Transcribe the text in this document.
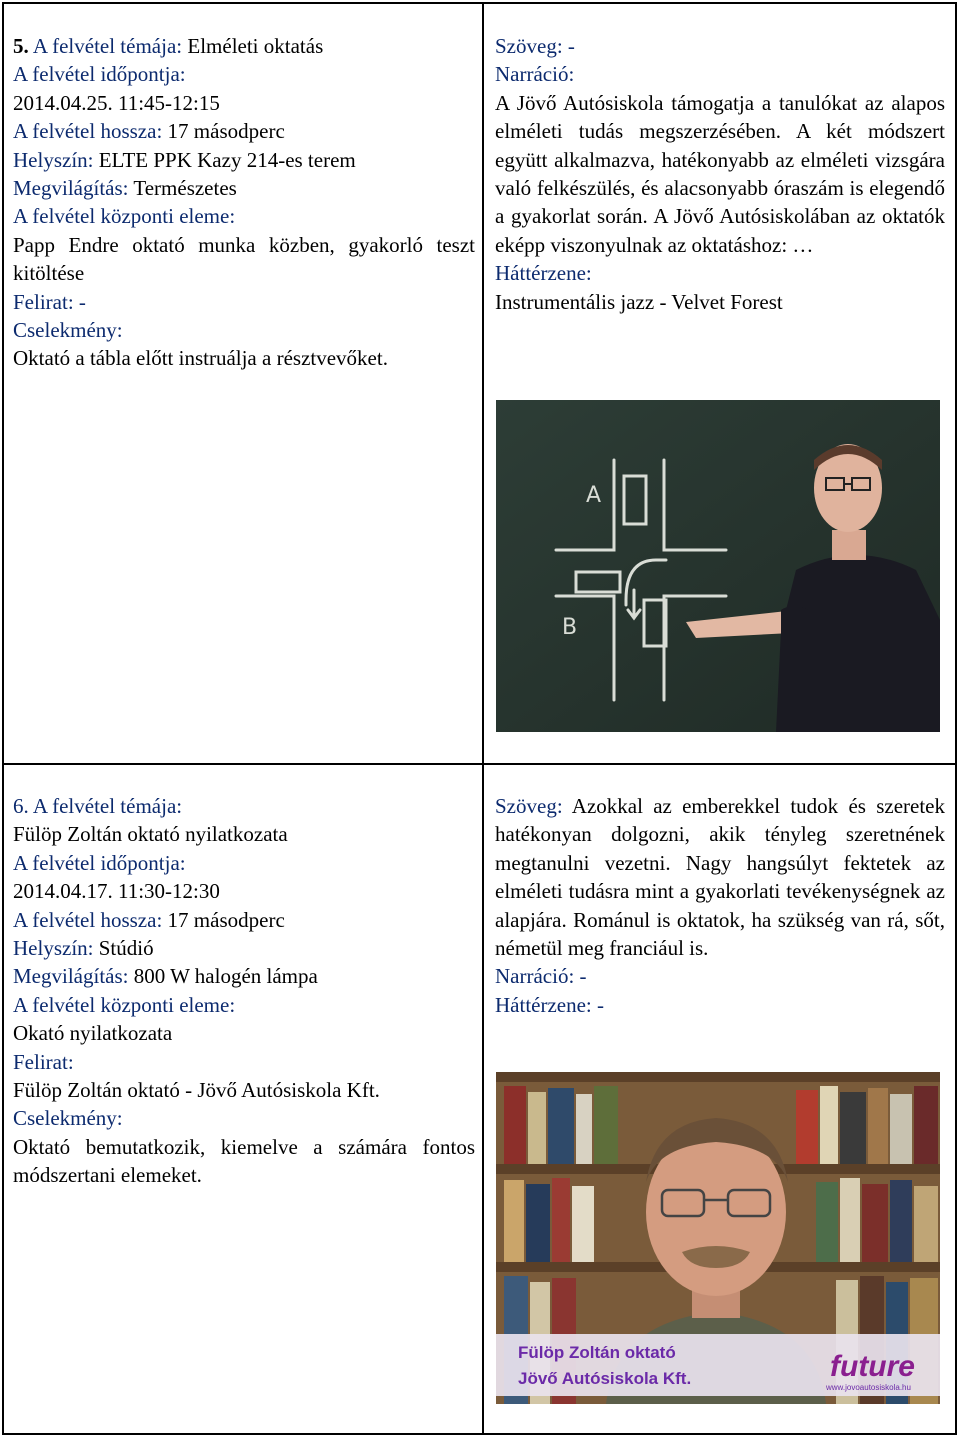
5. A felvétel témája: Elméleti oktatás

A felvétel időpontja:

2014.04.25. 11:45-12:15

A felvétel hossza: 17 másodperc

Helyszín: ELTE PPK Kazy 214-es terem

Megvilágítás: Természetes

A felvétel központi eleme:

Papp Endre oktató munka közben, gyakorló teszt kitöltése

Felirat: -

Cselekmény:

Oktató a tábla előtt instruálja a résztvevőket.

Szöveg: -

Narráció:

A Jövő Autósiskola támogatja a tanulókat az alapos elméleti tudás megszerzésében. A két módszert együtt alkalmazva, hatékonyabb az elméleti vizsgára való felkészülés, és alacsonyabb óraszám is elegendő a gyakorlat során. A Jövő Autósiskolában az oktatók eképp viszonyulnak az oktatáshoz: …

Háttérzene:

Instrumentális jazz - Velvet Forest

A
B

6. A felvétel témája:

Fülöp Zoltán oktató nyilatkozata

A felvétel időpontja:

2014.04.17. 11:30-12:30

A felvétel hossza: 17 másodperc

Helyszín: Stúdió

Megvilágítás: 800 W halogén lámpa

A felvétel központi eleme:

Okató nyilatkozata

Felirat:

Fülöp Zoltán oktató - Jövő Autósiskola Kft.

Cselekmény:

Oktató bemutatkozik, kiemelve a számára fontos módszertani elemeket.

Szöveg: Azokkal az emberekkel tudok és szeretek hatékonyan dolgozni, akik tényleg szeretnének megtanulni vezetni. Nagy hangsúlyt fektetek az elméleti tudásra mint a gyakorlati tevékenységnek az alapjára. Románul is oktatok, ha szükség van rá, sőt, németül meg franciául is.

Narráció: -

Háttérzene: -

Fülöp Zoltán oktató
Jövő Autósiskola Kft.	future
www.jovoautosiskola.hu
